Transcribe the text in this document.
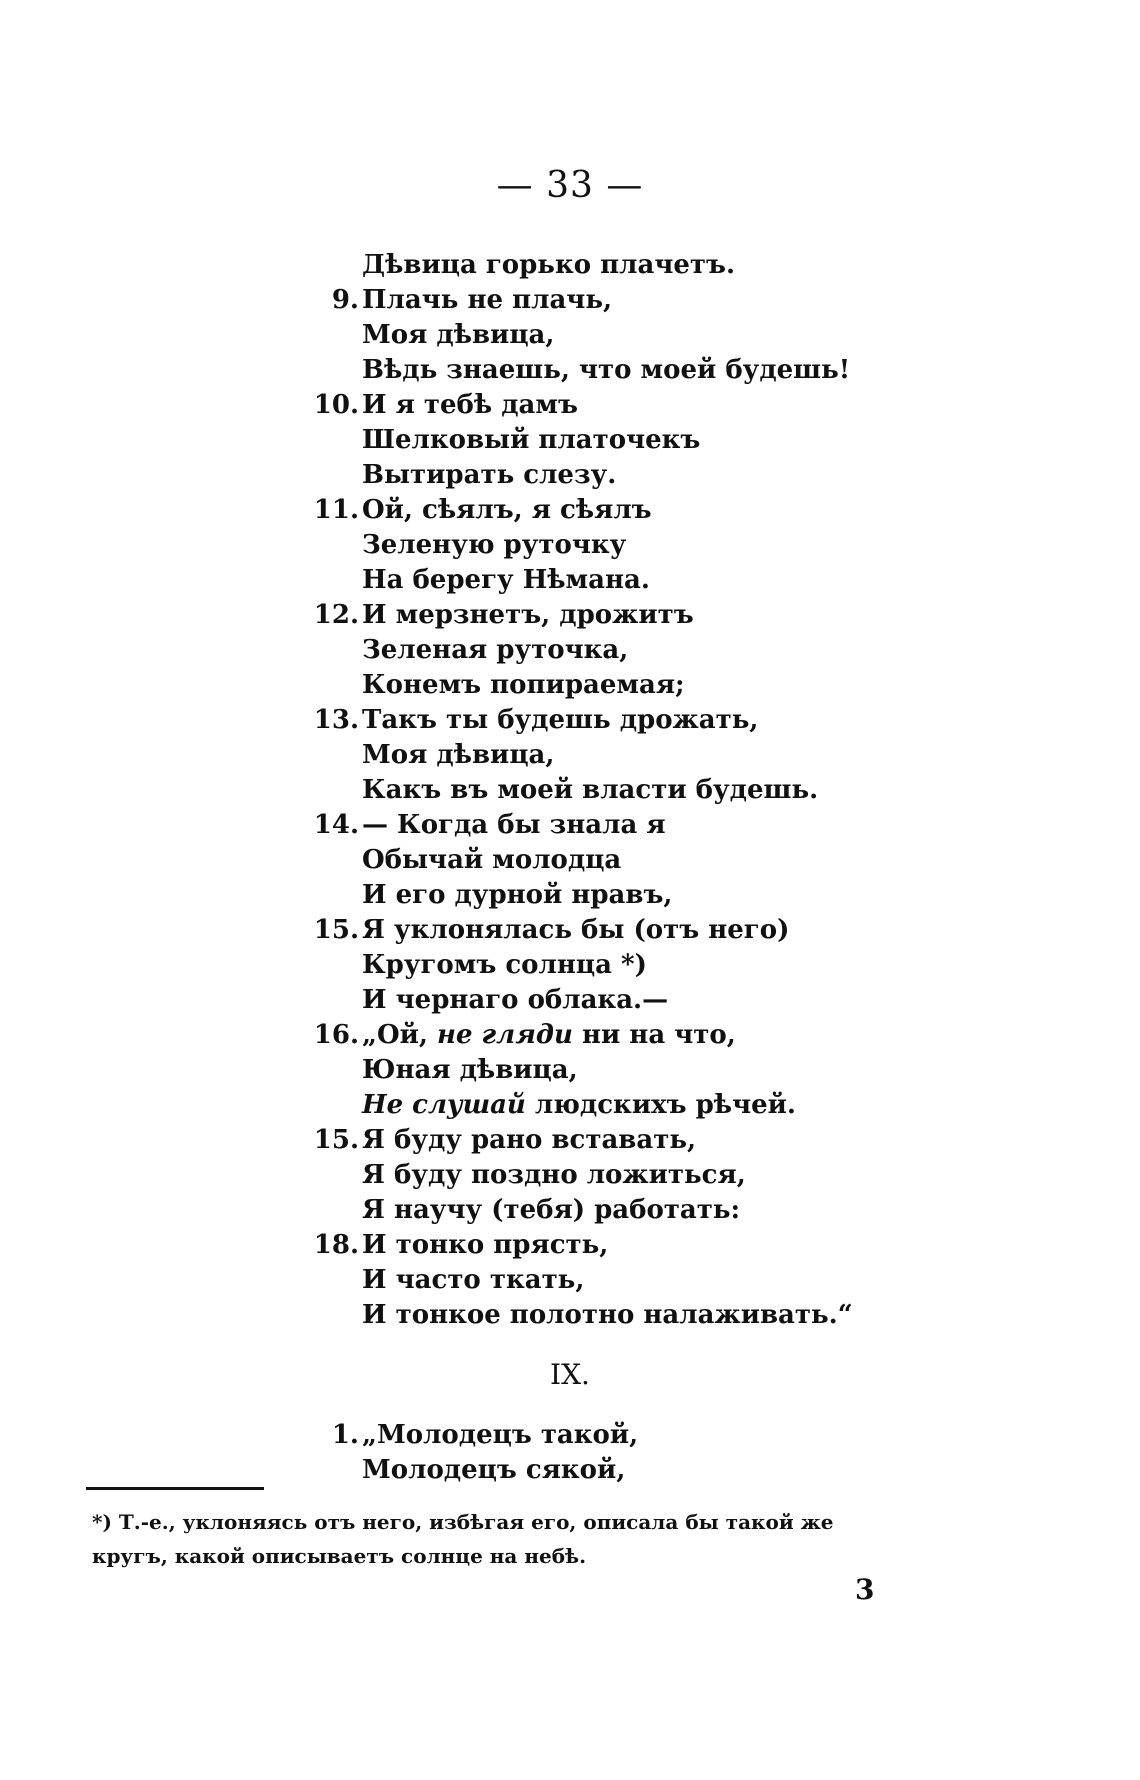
— 33 —
Дѣвица горько плачетъ.
9. Плачь не плачь,
Моя дѣвица,
Вѣдь знаешь, что моей будешь!
10. И я тебѣ дамъ
Шелковый платочекъ
Вытирать слезу.
11. Ой, сѣялъ, я сѣялъ
Зеленую руточку
На берегу Нѣмана.
12. И мерзнетъ, дрожитъ
Зеленая руточка,
Конемъ попираемая;
13. Такъ ты будешь дрожать,
Моя дѣвица,
Какъ въ моей власти будешь.
14. — Когда бы знала я
Обычай молодца
И его дурной нравъ,
15. Я уклонялась бы (отъ него)
Кругомъ солнца *)
И чернаго облака.—
16. „Ой, не гляди ни на что,
Юная дѣвица,
Не слушай людскихъ рѣчей.
15. Я буду рано вставать,
Я буду поздно ложиться,
Я научу (тебя) работать:
18. И тонко прясть,
И часто ткать,
И тонкое полотно налаживать.“
IX.
1. „Молодецъ такой,
Молодецъ сякой,

*) Т.-е., уклоняясь отъ него, избѣгая его, описала бы такой же

кругъ, какой описываетъ солнце на небѣ.

3
